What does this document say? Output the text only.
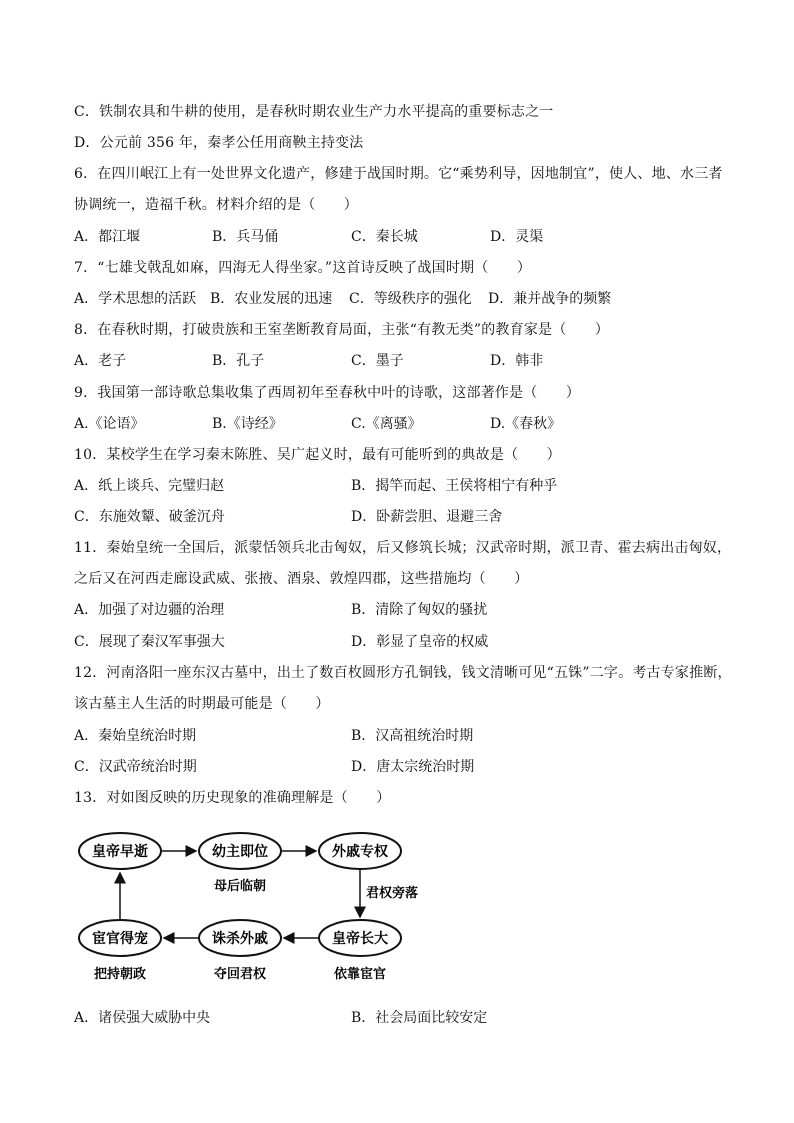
C．铁制农具和牛耕的使用，是春秋时期农业生产力水平提高的重要标志之一
D．公元前 356 年，秦孝公任用商鞅主持变法
6．在四川岷江上有一处世界文化遗产，修建于战国时期。它“乘势利导，因地制宜”，使人、地、水三者
协调统一，造福千秋。材料介绍的是（　　）
A．都江堰	B．兵马俑	C．秦长城	D．灵渠
7．“七雄戈戟乱如麻，四海无人得坐家。”这首诗反映了战国时期（　　）
A．学术思想的活跃 B．农业发展的迅速 C．等级秩序的强化 D．兼并战争的频繁
8．在春秋时期，打破贵族和王室垄断教育局面，主张“有教无类”的教育家是（　　）
A．老子	B．孔子	C．墨子	D．韩非
9．我国第一部诗歌总集收集了西周初年至春秋中叶的诗歌，这部著作是（　　）
A.《论语》	B.《诗经》	C.《离骚》	D.《春秋》
10．某校学生在学习秦末陈胜、吴广起义时，最有可能听到的典故是（　　）
A．纸上谈兵、完璧归赵	B．揭竿而起、王侯将相宁有种乎
C．东施效颦、破釜沉舟	D．卧薪尝胆、退避三舍
11．秦始皇统一全国后，派蒙恬领兵北击匈奴，后又修筑长城；汉武帝时期，派卫青、霍去病出击匈奴，
之后又在河西走廊设武威、张掖、酒泉、敦煌四郡，这些措施均（　　）
A．加强了对边疆的治理	B．清除了匈奴的骚扰
C．展现了秦汉军事强大	D．彰显了皇帝的权威
12．河南洛阳一座东汉古墓中，出土了数百枚圆形方孔铜钱，钱文清晰可见“五铢”二字。考古专家推断，
该古墓主人生活的时期最可能是（　　）
A．秦始皇统治时期	B．汉高祖统治时期
C．汉武帝统治时期	D．唐太宗统治时期
13．对如图反映的历史现象的准确理解是（　　）
皇帝早逝	幼主即位	外戚专权
皇帝长大
诛杀外戚
宦官得宠
母后临朝	君权旁落
依靠宦官
夺回君权
把持朝政
A．诸侯强大威胁中央	B．社会局面比较安定
